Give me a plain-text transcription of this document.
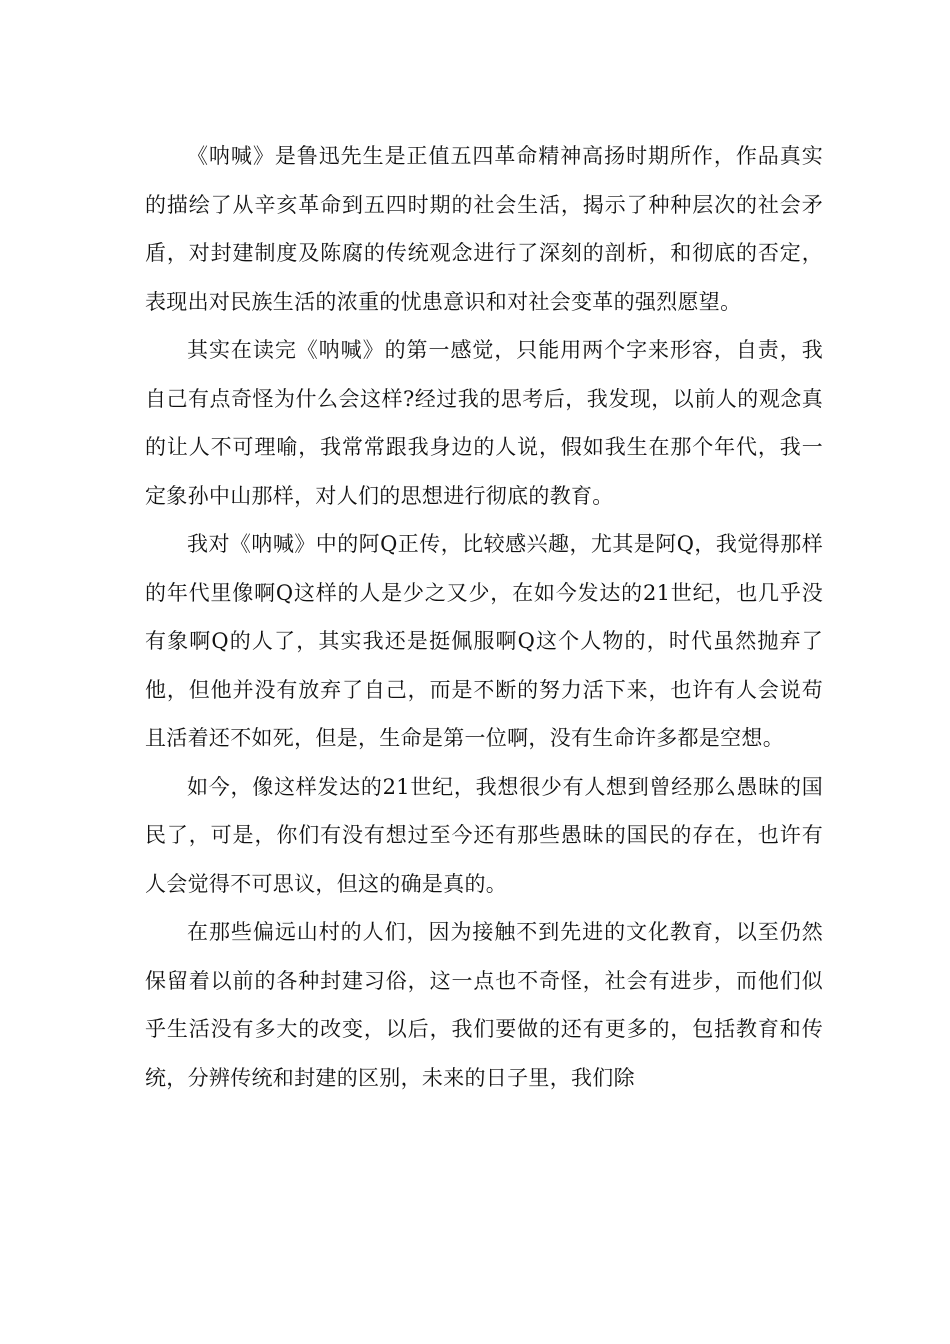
《呐喊》是鲁迅先生是正值五四革命精神高扬时期所作，作品真实的描绘了从辛亥革命到五四时期的社会生活，揭示了种种层次的社会矛盾，对封建制度及陈腐的传统观念进行了深刻的剖析，和彻底的否定，表现出对民族生活的浓重的忧患意识和对社会变革的强烈愿望。

其实在读完《呐喊》的第一感觉，只能用两个字来形容，自责，我自己有点奇怪为什么会这样?经过我的思考后，我发现，以前人的观念真的让人不可理喻，我常常跟我身边的人说，假如我生在那个年代，我一定象孙中山那样，对人们的思想进行彻底的教育。

我对《呐喊》中的阿Q正传，比较感兴趣，尤其是阿Q，我觉得那样的年代里像啊Q这样的人是少之又少，在如今发达的21世纪，也几乎没有象啊Q的人了，其实我还是挺佩服啊Q这个人物的，时代虽然抛弃了他，但他并没有放弃了自己，而是不断的努力活下来，也许有人会说苟且活着还不如死，但是，生命是第一位啊，没有生命许多都是空想。

如今，像这样发达的21世纪，我想很少有人想到曾经那么愚昧的国民了，可是，你们有没有想过至今还有那些愚昧的国民的存在，也许有人会觉得不可思议，但这的确是真的。

在那些偏远山村的人们，因为接触不到先进的文化教育，以至仍然保留着以前的各种封建习俗，这一点也不奇怪，社会有进步，而他们似乎生活没有多大的改变，以后，我们要做的还有更多的，包括教育和传统，分辨传统和封建的区别，未来的日子里，我们除
